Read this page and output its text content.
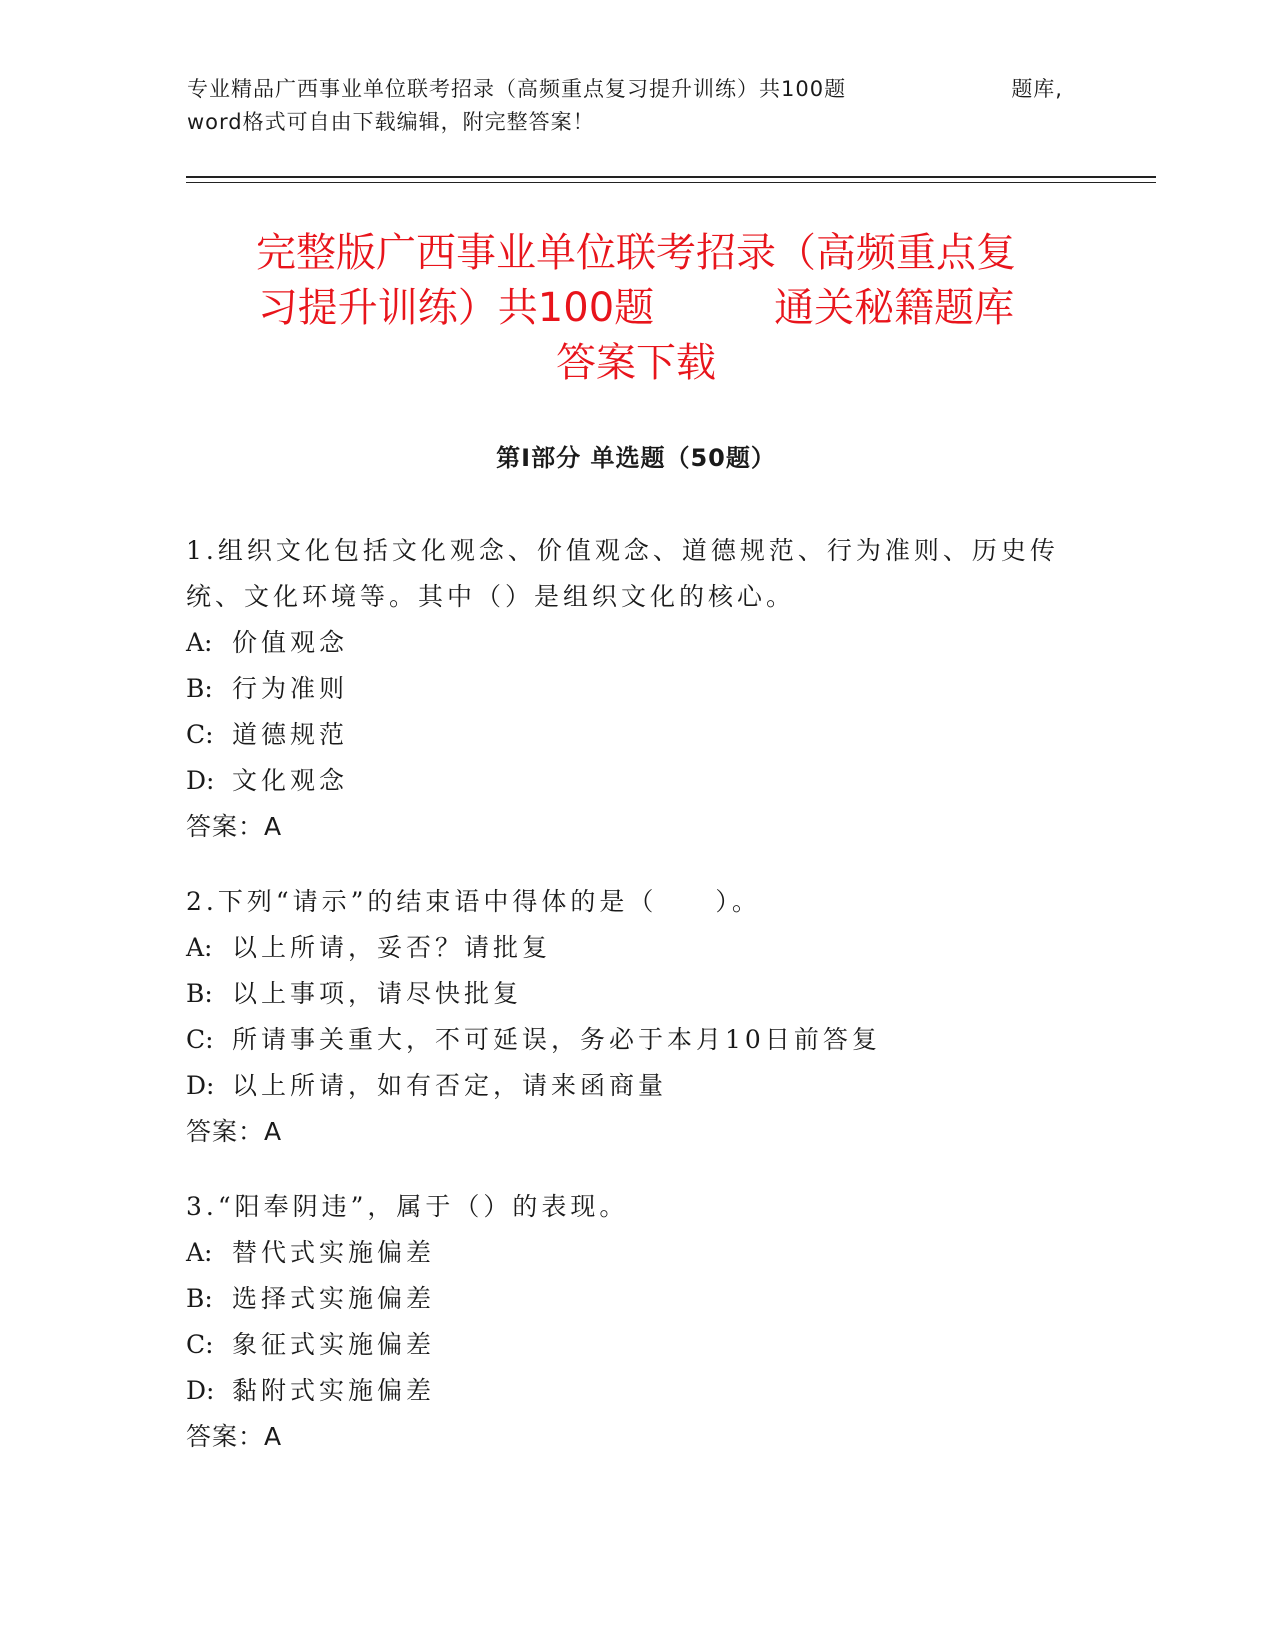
专业精品广西事业单位联考招录（高频重点复习提升训练）共100题	题库,
word格式可自由下载编辑，附完整答案！
完整版广西事业单位联考招录（高频重点复
习提升训练）共100题	通关秘籍题库
答案下载
第Ⅰ部分 单选题（50题）
1.组织文化包括文化观念、价值观念、道德规范、行为准则、历史传统、文化环境等。其中（）是组织文化的核心。
A: 价值观念
B: 行为准则
C: 道德规范
D: 文化观念
答案：A
2.下列“请示”的结束语中得体的是（　　）。
A: 以上所请，妥否？请批复
B: 以上事项，请尽快批复
C: 所请事关重大，不可延误，务必于本月10日前答复
D: 以上所请，如有否定，请来函商量
答案：A
3.“阳奉阴违”，属于（）的表现。
A: 替代式实施偏差
B: 选择式实施偏差
C: 象征式实施偏差
D: 黏附式实施偏差
答案：A
